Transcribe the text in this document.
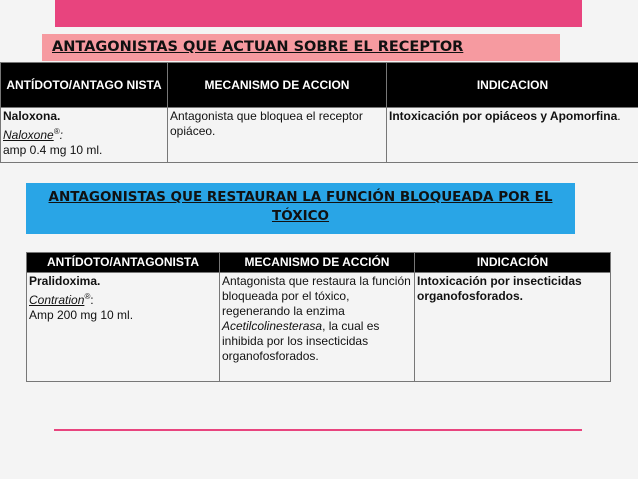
ANTAGONISTAS QUE ACTUAN SOBRE EL RECEPTOR
ANTÍDOTO/ANTAGO NISTA	MECANISMO DE ACCION	INDICACION

Naloxona.
Naloxone®:
amp 0.4 mg 10 ml.	Antagonista que bloquea el receptor opiáceo.	Intoxicación por opiáceos y Apomorfina.
ANTAGONISTAS QUE RESTAURAN LA FUNCIÓN BLOQUEADA POR EL TÓXICO
ANTÍDOTO/ANTAGONISTA	MECANISMO DE ACCIÓN	INDICACIÓN

Pralidoxima.
Contration®:
Amp 200 mg 10 ml.	Antagonista que restaura la función bloqueada por el tóxico, regenerando la enzima Acetilcolinesterasa, la cual es inhibida por los insecticidas organofosforados.	Intoxicación por insecticidas organofosforados.
